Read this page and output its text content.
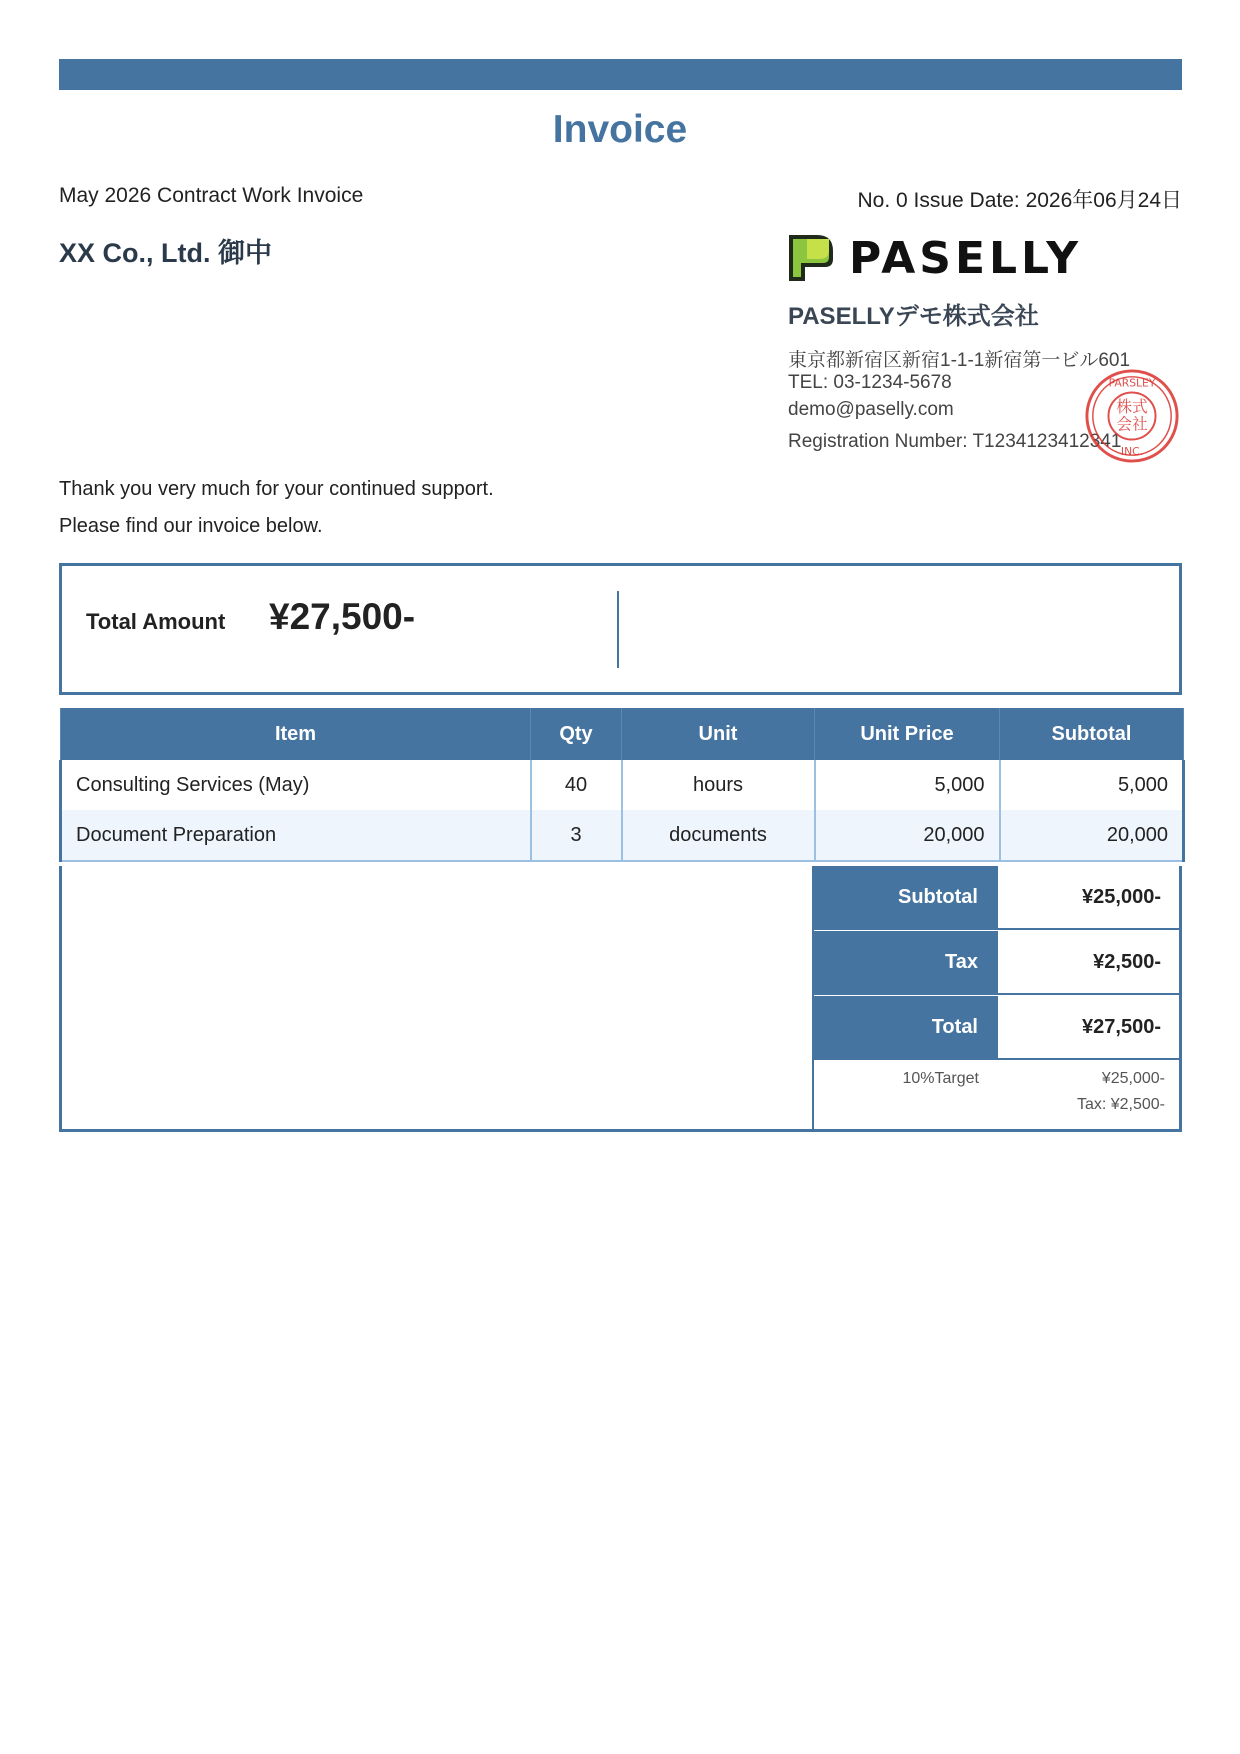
Invoice
May 2026 Contract Work Invoice	No. 0 Issue Date: 2026年06月24日
XX Co., Ltd. 御中	PASELLY
PASELLYデモ株式会社
東京都新宿区新宿1-1-1新宿第一ビル601
TEL: 03-1234-5678
demo@paselly.com
Registration Number: T1234123412341
株式
会社
PARSLEY
INC.
Thank you very much for your continued support.
Please find our invoice below.
Total Amount ¥27,500-
Item	Qty	Unit	Unit Price	Subtotal
Consulting Services (May)	40	hours	5,000	5,000
Document Preparation	3	documents	20,000	20,000
Subtotal	¥25,000-
Tax	¥2,500-
Total	¥27,500-
10%Target	¥25,000-
Tax: ¥2,500-
